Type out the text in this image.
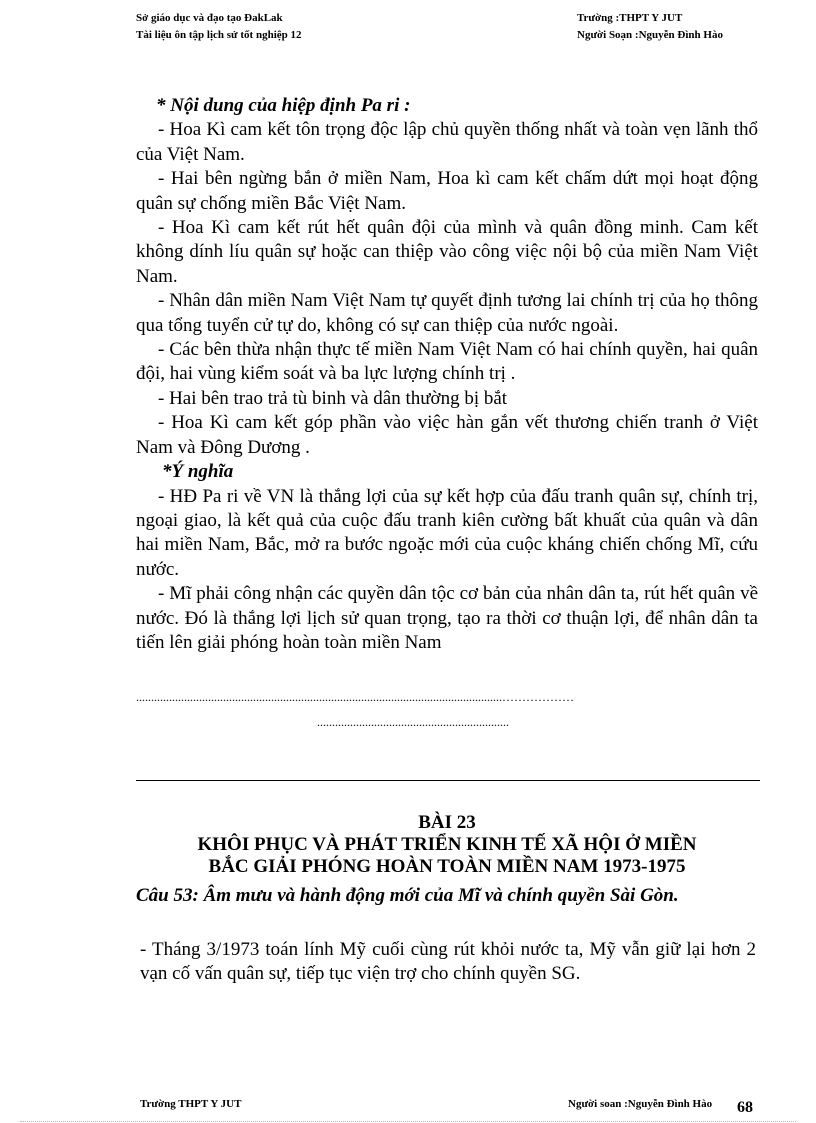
Sở giáo dục và đạo tạo ĐakLak
Tài liệu ôn tập lịch sử tốt nghiệp 12
Trường :THPT Y JUT
Người Soạn :Nguyễn Đình Hào

* Nội dung của hiệp định Pa ri :

- Hoa Kì cam kết tôn trọng độc lập chủ quyền thống nhất và toàn vẹn lãnh thổ của Việt Nam.

- Hai bên ngừng bắn ở miền Nam, Hoa kì cam kết chấm dứt mọi hoạt động quân sự chống miền Bắc Việt Nam.

- Hoa Kì cam kết rút hết quân đội của mình và quân đồng minh. Cam kết không dính líu quân sự hoặc can thiệp vào công việc nội bộ của miền Nam Việt Nam.

- Nhân dân miền Nam Việt Nam tự quyết định tương lai chính trị của họ thông qua tổng tuyển cử tự do, không có sự can thiệp của nước ngoài.

- Các bên thừa nhận thực tế miền Nam Việt Nam có hai chính quyền, hai quân đội, hai vùng kiểm soát và ba lực lượng chính trị .

- Hai bên trao trả tù binh và dân thường bị bắt

- Hoa Kì cam kết góp phần vào việc hàn gắn vết thương chiến tranh ở Việt Nam và Đông Dương .

*Ý nghĩa

- HĐ Pa ri về VN là thắng lợi của sự kết hợp của đấu tranh quân sự, chính trị, ngoại giao, là kết quả của cuộc đấu tranh kiên cường bất khuất của quân và dân hai miền Nam, Bắc, mở ra bước ngoặc mới của cuộc kháng chiến chống Mĩ, cứu nước.

- Mĩ phải công nhận các quyền dân tộc cơ bản của nhân dân ta, rút hết quân về nước. Đó là thắng lợi lịch sử quan trọng, tạo ra thời cơ thuận lợi, để nhân dân ta tiến lên giải phóng hoàn toàn miền Nam

..........................................................................................................................………………
................................................................
BÀI 23
KHÔI PHỤC VÀ PHÁT TRIỂN KINH TẾ XÃ HỘI Ở MIỀN
BẮC GIẢI PHÓNG HOÀN TOÀN MIỀN NAM 1973-1975
Câu 53: Âm mưu và hành động mới của Mĩ và chính quyền Sài Gòn.
- Tháng 3/1973 toán lính Mỹ cuối cùng rút khỏi nước ta, Mỹ vẫn giữ lại hơn 2 vạn cố vấn quân sự, tiếp tục viện trợ cho chính quyền SG.
Trường THPT Y JUT	Người soan :Nguyễn Đình Hào 68
